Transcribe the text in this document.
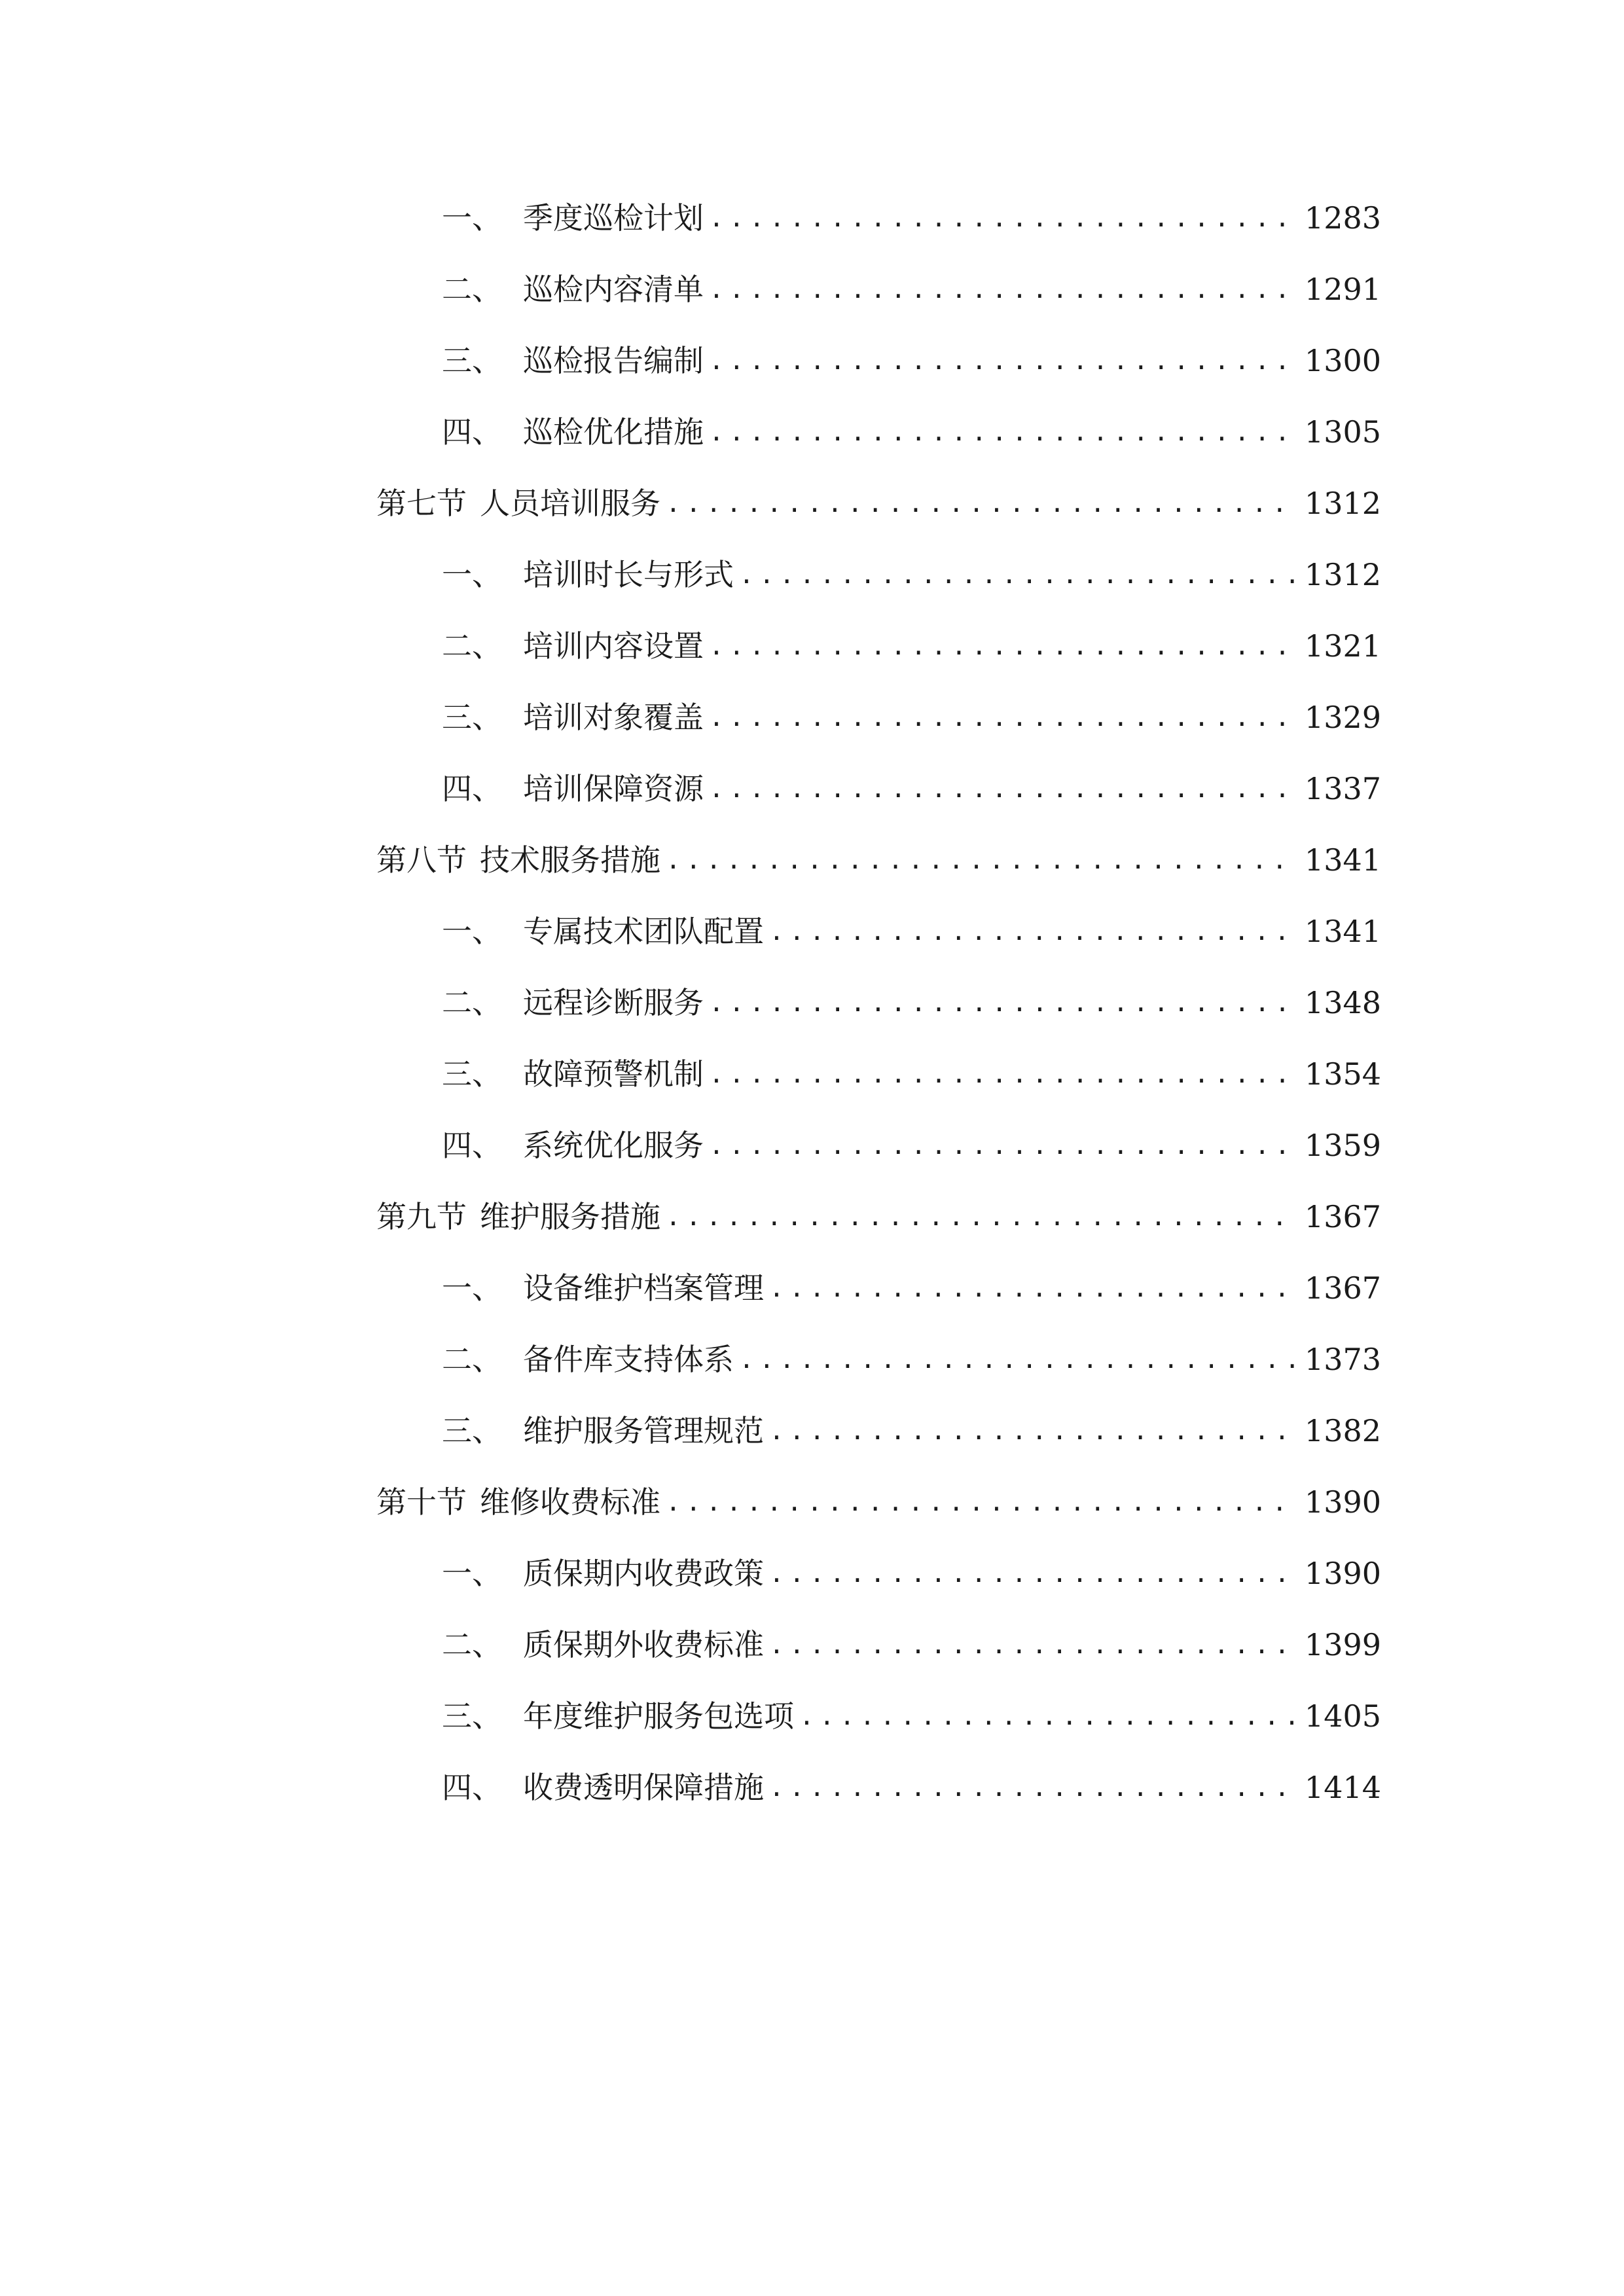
一、 季度巡检计划 .....	1283
二、 巡检内容清单 .....	1291
三、 巡检报告编制 .....	1300
四、 巡检优化措施 .....	1305
第七节 人员培训服务 .....	1312
一、 培训时长与形式 .....	1312
二、 培训内容设置 .....	1321
三、 培训对象覆盖 .....	1329
四、 培训保障资源 .....	1337
第八节 技术服务措施 .....	1341
一、 专属技术团队配置 .....	1341
二、 远程诊断服务 .....	1348
三、 故障预警机制 .....	1354
四、 系统优化服务 .....	1359
第九节 维护服务措施 .....	1367
一、 设备维护档案管理 .....	1367
二、 备件库支持体系 .....	1373
三、 维护服务管理规范 .....	1382
第十节 维修收费标准 .....	1390
一、 质保期内收费政策 .....	1390
二、 质保期外收费标准 .....	1399
三、 年度维护服务包选项 .....	1405
四、 收费透明保障措施 .....	1414
